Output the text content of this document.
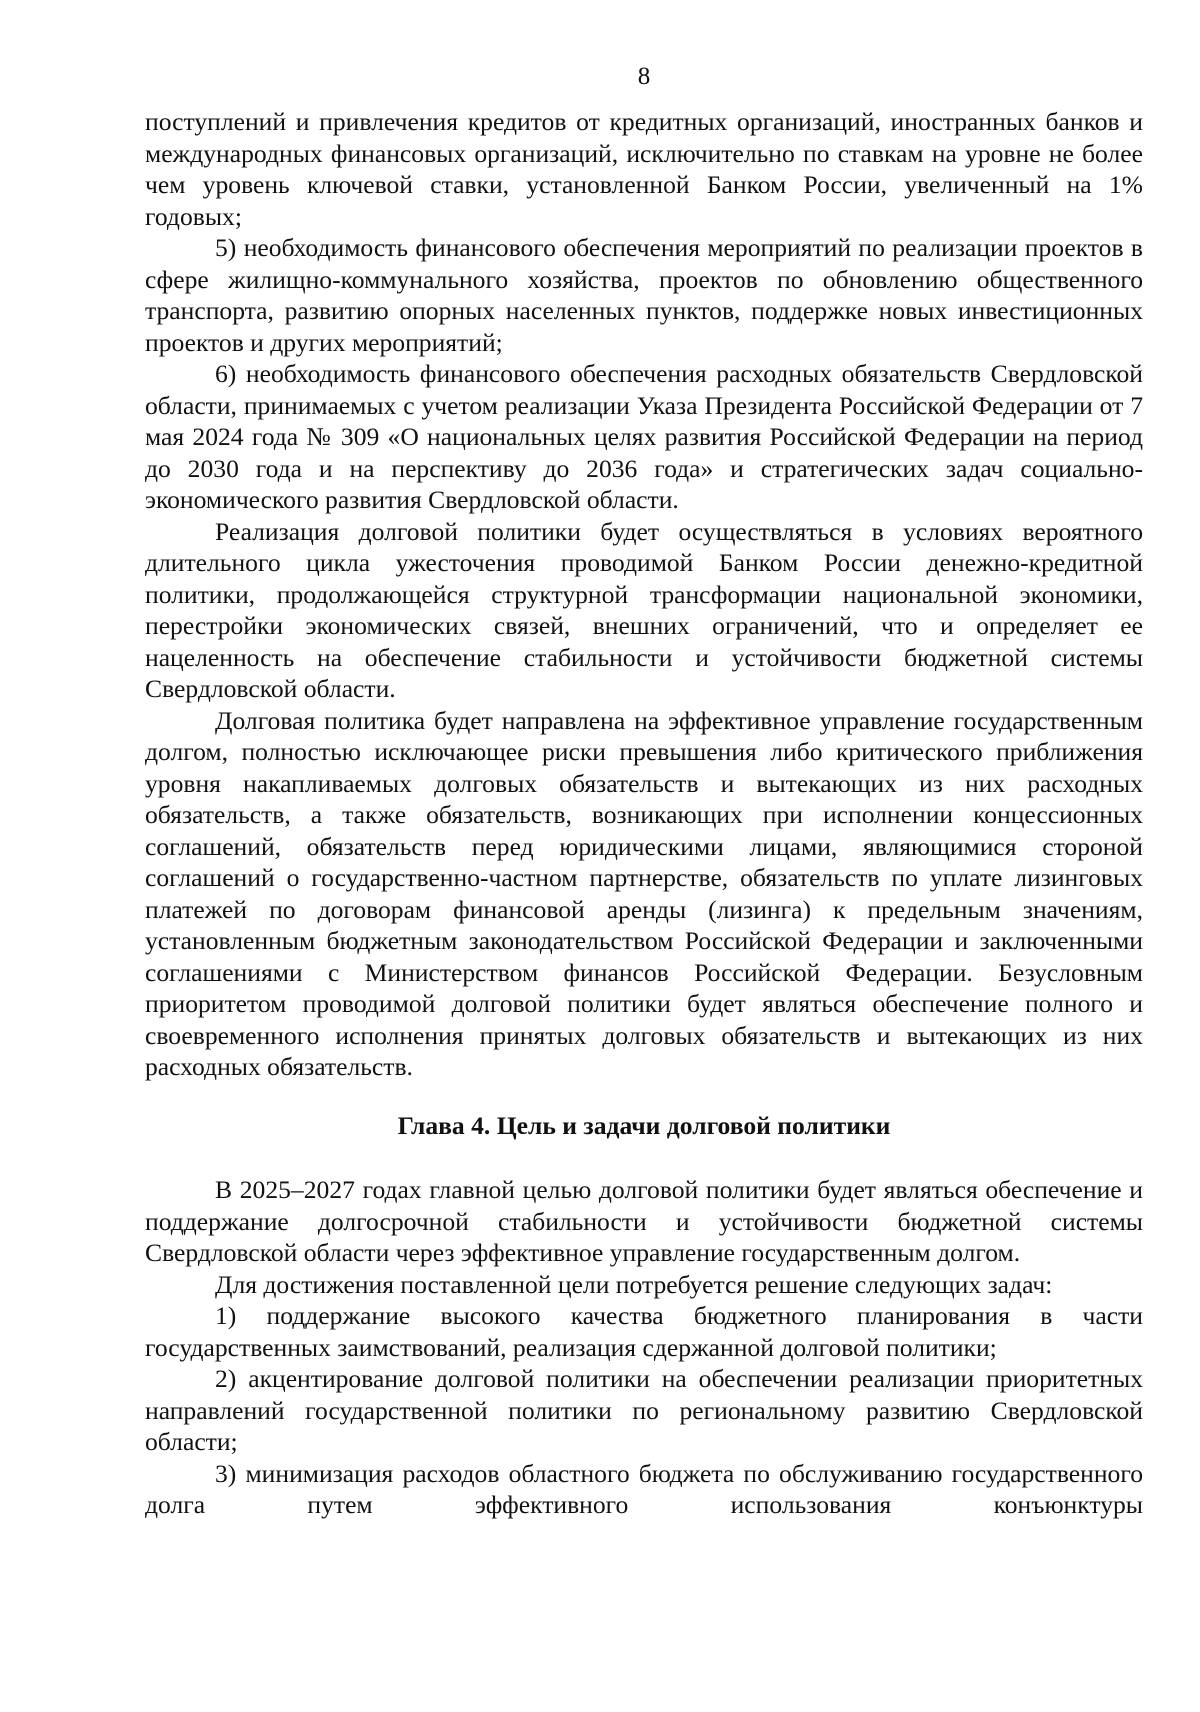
8

поступлений и привлечения кредитов от кредитных организаций, иностранных банков и международных финансовых организаций, исключительно по ставкам на уровне не более чем уровень ключевой ставки, установленной Банком России, увеличенный на 1% годовых;

5) необходимость финансового обеспечения мероприятий по реализации проектов в сфере жилищно-коммунального хозяйства, проектов по обновлению общественного транспорта, развитию опорных населенных пунктов, поддержке новых инвестиционных проектов и других мероприятий;

6) необходимость финансового обеспечения расходных обязательств Свердловской области, принимаемых с учетом реализации Указа Президента Российской Федерации от 7 мая 2024 года № 309 «О национальных целях развития Российской Федерации на период до 2030 года и на перспективу до 2036 года» и стратегических задач социально-экономического развития Свердловской области.

Реализация долговой политики будет осуществляться в условиях вероятного длительного цикла ужесточения проводимой Банком России денежно-кредитной политики, продолжающейся структурной трансформации национальной экономики, перестройки экономических связей, внешних ограничений, что и определяет ее нацеленность на обеспечение стабильности и устойчивости бюджетной системы Свердловской области.

Долговая политика будет направлена на эффективное управление государственным долгом, полностью исключающее риски превышения либо критического приближения уровня накапливаемых долговых обязательств и вытекающих из них расходных обязательств, а также обязательств, возникающих при исполнении концессионных соглашений, обязательств перед юридическими лицами, являющимися стороной соглашений о государственно-частном партнерстве, обязательств по уплате лизинговых платежей по договорам финансовой аренды (лизинга) к предельным значениям, установленным бюджетным законодательством Российской Федерации и заключенными соглашениями с Министерством финансов Российской Федерации. Безусловным приоритетом проводимой долговой политики будет являться обеспечение полного и своевременного исполнения принятых долговых обязательств и вытекающих из них расходных обязательств.

Глава 4. Цель и задачи долговой политики

В 2025–2027 годах главной целью долговой политики будет являться обеспечение и поддержание долгосрочной стабильности и устойчивости бюджетной системы Свердловской области через эффективное управление государственным долгом.

Для достижения поставленной цели потребуется решение следующих задач:

1) поддержание высокого качества бюджетного планирования в части государственных заимствований, реализация сдержанной долговой политики;

2) акцентирование долговой политики на обеспечении реализации приоритетных направлений государственной политики по региональному развитию Свердловской области;

3) минимизация расходов областного бюджета по обслуживанию государственного долга путем эффективного использования конъюнктуры
